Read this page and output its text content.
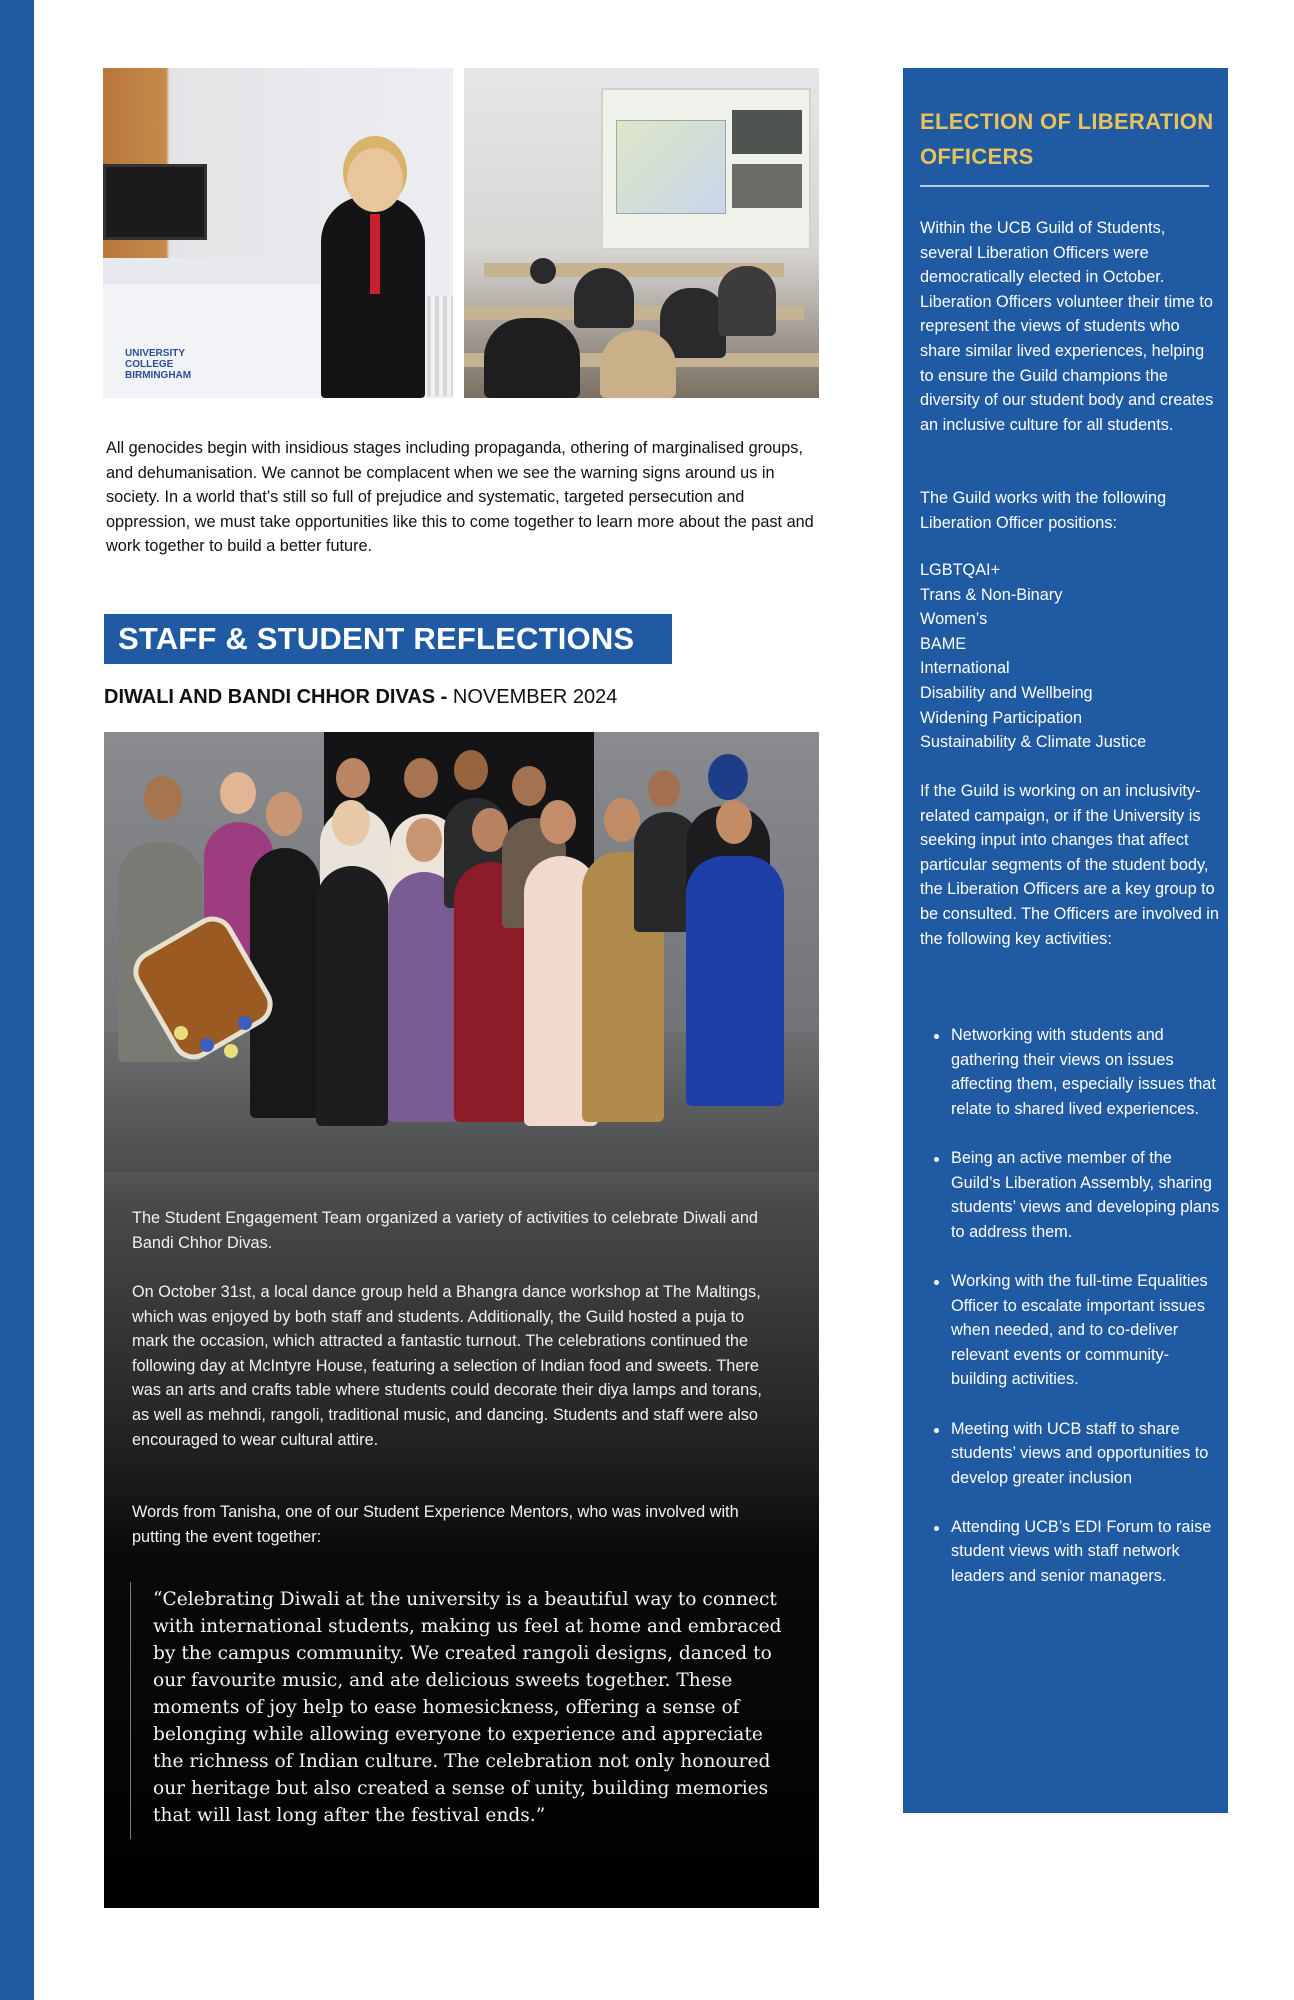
UNIVERSITY COLLEGE BIRMINGHAM
All genocides begin with insidious stages including propaganda, othering of marginalised groups, and dehumanisation. We cannot be complacent when we see the warning signs around us in society. In a world that’s still so full of prejudice and systematic, targeted persecution and oppression, we must take opportunities like this to come together to learn more about the past and work together to build a better future.
STAFF & STUDENT REFLECTIONS
DIWALI AND BANDI CHHOR DIVAS - NOVEMBER 2024
The Student Engagement Team organized a variety of activities to celebrate Diwali and Bandi Chhor Divas.
On October 31st, a local dance group held a Bhangra dance workshop at The Maltings, which was enjoyed by both staff and students. Additionally, the Guild hosted a puja to mark the occasion, which attracted a fantastic turnout. The celebrations continued the following day at McIntyre House, featuring a selection of Indian food and sweets. There was an arts and crafts table where students could decorate their diya lamps and torans, as well as mehndi, rangoli, traditional music, and dancing. Students and staff were also encouraged to wear cultural attire.
Words from Tanisha, one of our Student Experience Mentors, who was involved with putting the event together:
“Celebrating Diwali at the university is a beautiful way to connect with international students, making us feel at home and embraced by the campus community. We created rangoli designs, danced to our favourite music, and ate delicious sweets together. These moments of joy help to ease homesickness, offering a sense of belonging while allowing everyone to experience and appreciate the richness of Indian culture. The celebration not only honoured our heritage but also created a sense of unity, building memories that will last long after the festival ends.”
ELECTION OF LIBERATION OFFICERS
Within the UCB Guild of Students, several Liberation Officers were democratically elected in October. Liberation Officers volunteer their time to represent the views of students who share similar lived experiences, helping to ensure the Guild champions the diversity of our student body and creates an inclusive culture for all students.
The Guild works with the following Liberation Officer positions:
LGBTQAI+
Trans & Non-Binary
Women’s
BAME
International
Disability and Wellbeing
Widening Participation
Sustainability & Climate Justice
If the Guild is working on an inclusivity-related campaign, or if the University is seeking input into changes that affect particular segments of the student body, the Liberation Officers are a key group to be consulted. The Officers are involved in the following key activities:
Networking with students and gathering their views on issues affecting them, especially issues that relate to shared lived experiences.
Being an active member of the Guild’s Liberation Assembly, sharing students’ views and developing plans to address them.
Working with the full-time Equalities Officer to escalate important issues when needed, and to co-deliver relevant events or community-building activities.
Meeting with UCB staff to share students’ views and opportunities to develop greater inclusion
Attending UCB’s EDI Forum to raise student views with staff network leaders and senior managers.
